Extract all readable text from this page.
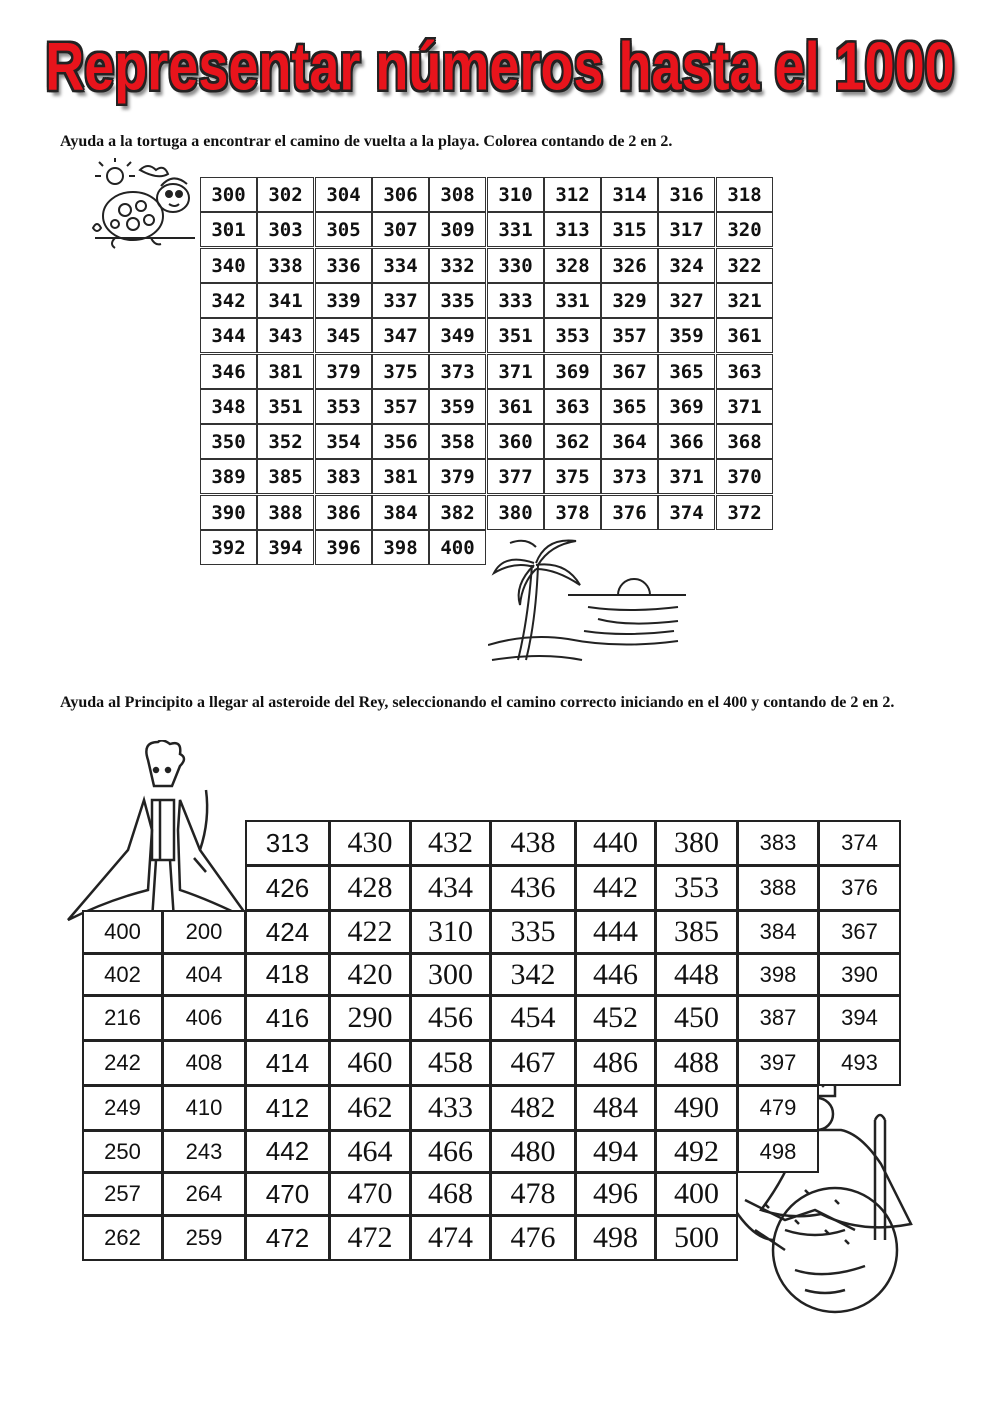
Representar números hasta el 1000
Ayuda a la tortuga a encontrar el camino de vuelta a la playa. Colorea contando de 2 en 2.
Ayuda al Principito a llegar al asteroide del Rey, seleccionando el camino correcto iniciando en el 400 y contando de 2 en 2.
300	302	304	306	308	310	312	314	316	318
301	303	305	307	309	331	313	315	317	320
340	338	336	334	332	330	328	326	324	322
342	341	339	337	335	333	331	329	327	321
344	343	345	347	349	351	353	357	359	361
346	381	379	375	373	371	369	367	365	363
348	351	353	357	359	361	363	365	369	371
350	352	354	356	358	360	362	364	366	368
389	385	383	381	379	377	375	373	371	370
390	388	386	384	382	380	378	376	374	372
392	394	396	398	400
313	430	432	438	440	380	383	374
426	428	434	436	442	353	388	376
400	200	424	422	310	335	444	385	384	367
402	404	418	420	300	342	446	448	398	390
216	406	416	290	456	454	452	450	387	394
242	408	414	460	458	467	486	488	397	493
249	410	412	462	433	482	484	490	479
250	243	442	464	466	480	494	492	498
257	264	470	470	468	478	496	400
262	259	472	472	474	476	498	500
